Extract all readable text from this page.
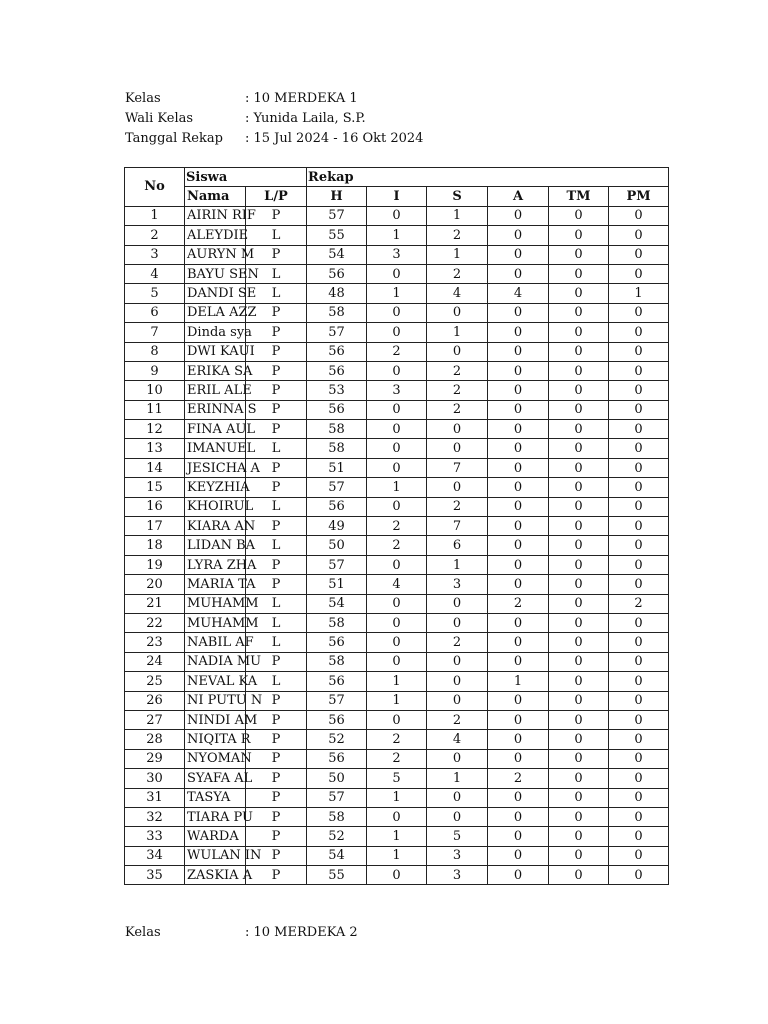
Kelas	: 10 MERDEKA 1
Wali Kelas	: Yunida Laila, S.P.
Tanggal Rekap : 15 Jul 2024 - 16 Okt 2024
No	Siswa		Rekap					
	Nama	L/P	H	I	S	A	TM	PM
1	AIRIN RIF	P	57	0	1	0	0	0
2	ALEYDIE	L	55	1	2	0	0	0
3	AURYN M	P	54	3	1	0	0	0
4	BAYU SEN	L	56	0	2	0	0	0
5	DANDI SE	L	48	1	4	4	0	1
6	DELA AZZ	P	58	0	0	0	0	0
7	Dinda sya	P	57	0	1	0	0	0
8	DWI KAUI	P	56	2	0	0	0	0
9	ERIKA SA	P	56	0	2	0	0	0
10	ERIL ALE	P	53	3	2	0	0	0
11	ERINNA S	P	56	0	2	0	0	0
12	FINA AUL	P	58	0	0	0	0	0
13	IMANUEL	L	58	0	0	0	0	0
14	JESICHA A	P	51	0	7	0	0	0
15	KEYZHIA	P	57	1	0	0	0	0
16	KHOIRUL	L	56	0	2	0	0	0
17	KIARA AN	P	49	2	7	0	0	0
18	LIDAN BA	L	50	2	6	0	0	0
19	LYRA ZHA	P	57	0	1	0	0	0
20	MARIA TA	P	51	4	3	0	0	0
21	MUHAMM	L	54	0	0	2	0	2
22	MUHAMM	L	58	0	0	0	0	0
23	NABIL AF	L	56	0	2	0	0	0
24	NADIA MU	P	58	0	0	0	0	0
25	NEVAL KA	L	56	1	0	1	0	0
26	NI PUTU N	P	57	1	0	0	0	0
27	NINDI AM	P	56	0	2	0	0	0
28	NIQITA R	P	52	2	4	0	0	0
29	NYOMAN	P	56	2	0	0	0	0
30	SYAFA AL	P	50	5	1	2	0	0
31	TASYA	P	57	1	0	0	0	0
32	TIARA PU	P	58	0	0	0	0	0
33	WARDA	P	52	1	5	0	0	0
34	WULAN IN	P	54	1	3	0	0	0
35	ZASKIA A	P	55	0	3	0	0	0
Kelas	: 10 MERDEKA 2
